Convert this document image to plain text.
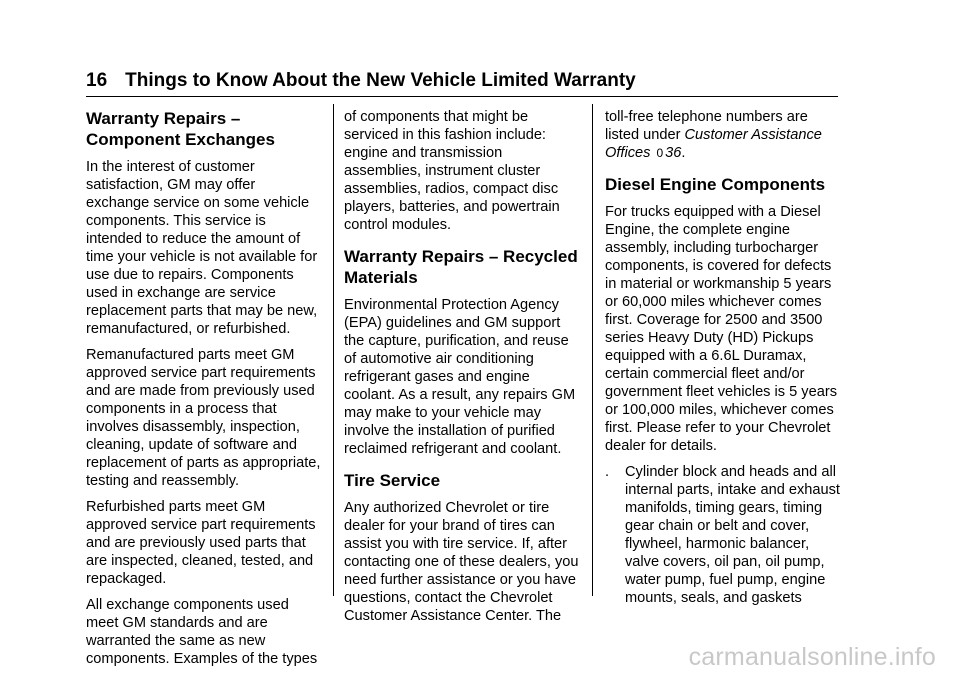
16 Things to Know About the New Vehicle Limited Warranty
Warranty Repairs –
Component Exchanges

In the interest of customer satisfaction, GM may offer exchange service on some vehicle components. This service is intended to reduce the amount of time your vehicle is not available for use due to repairs. Components used in exchange are service replacement parts that may be new, remanufactured, or refurbished.

Remanufactured parts meet GM approved service part requirements and are made from previously used components in a process that involves disassembly, inspection, cleaning, update of software and replacement of parts as appropriate, testing and reassembly.

Refurbished parts meet GM approved service part requirements and are previously used parts that are inspected, cleaned, tested, and repackaged.

All exchange components used meet GM standards and are warranted the same as new components. Examples of the types

of components that might be serviced in this fashion include: engine and transmission assemblies, instrument cluster assemblies, radios, compact disc players, batteries, and powertrain control modules.

Warranty Repairs – Recycled Materials

Environmental Protection Agency (EPA) guidelines and GM support the capture, purification, and reuse of automotive air conditioning refrigerant gases and engine coolant. As a result, any repairs GM may make to your vehicle may involve the installation of purified reclaimed refrigerant and coolant.

Tire Service

Any authorized Chevrolet or tire dealer for your brand of tires can assist you with tire service. If, after contacting one of these dealers, you need further assistance or you have questions, contact the Chevrolet Customer Assistance Center. The

toll-free telephone numbers are listed under Customer Assistance Offices 0 36.

Diesel Engine Components

For trucks equipped with a Diesel Engine, the complete engine assembly, including turbocharger components, is covered for defects in material or workmanship 5 years or 60,000 miles whichever comes first. Coverage for 2500 and 3500 series Heavy Duty (HD) Pickups equipped with a 6.6L Duramax, certain commercial fleet and/or government fleet vehicles is 5 years or 100,000 miles, whichever comes first. Please refer to your Chevrolet dealer for details.

.	Cylinder block and heads and all internal parts, intake and exhaust manifolds, timing gears, timing gear chain or belt and cover, flywheel, harmonic balancer, valve covers, oil pan, oil pump, water pump, fuel pump, engine mounts, seals, and gaskets
carmanualsonline.info
